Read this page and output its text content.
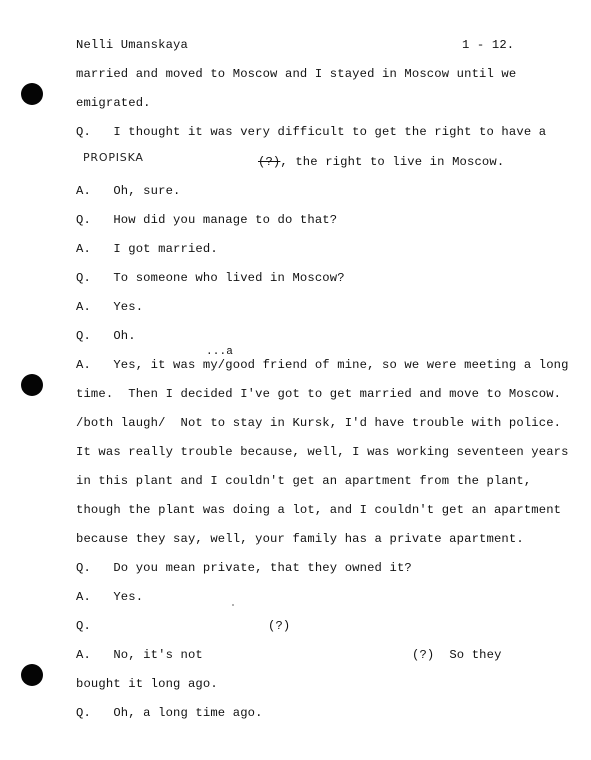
Nelli Umanskaya	1 - 12.
married and moved to Moscow and I stayed in Moscow until we
emigrated.
Q.   I thought it was very difficult to get the right to have a
PROPISKA	(?), the right to live in Moscow.
A.   Oh, sure.
Q.   How did you manage to do that?
A.   I got married.
Q.   To someone who lived in Moscow?
A.   Yes.
Q.   Oh.
...a
A.   Yes, it was my/good friend of mine, so we were meeting a long
time.  Then I decided I've got to get married and move to Moscow.
/both laugh/  Not to stay in Kursk, I'd have trouble with police.
It was really trouble because, well, I was working seventeen years
in this plant and I couldn't get an apartment from the plant,
though the plant was doing a lot, and I couldn't get an apartment
because they say, well, your family has a private apartment.
Q.   Do you mean private, that they owned it?
A.   Yes.
Q.	(?)
A.   No, it's not	(?)  So they
bought it long ago.
Q.   Oh, a long time ago.
